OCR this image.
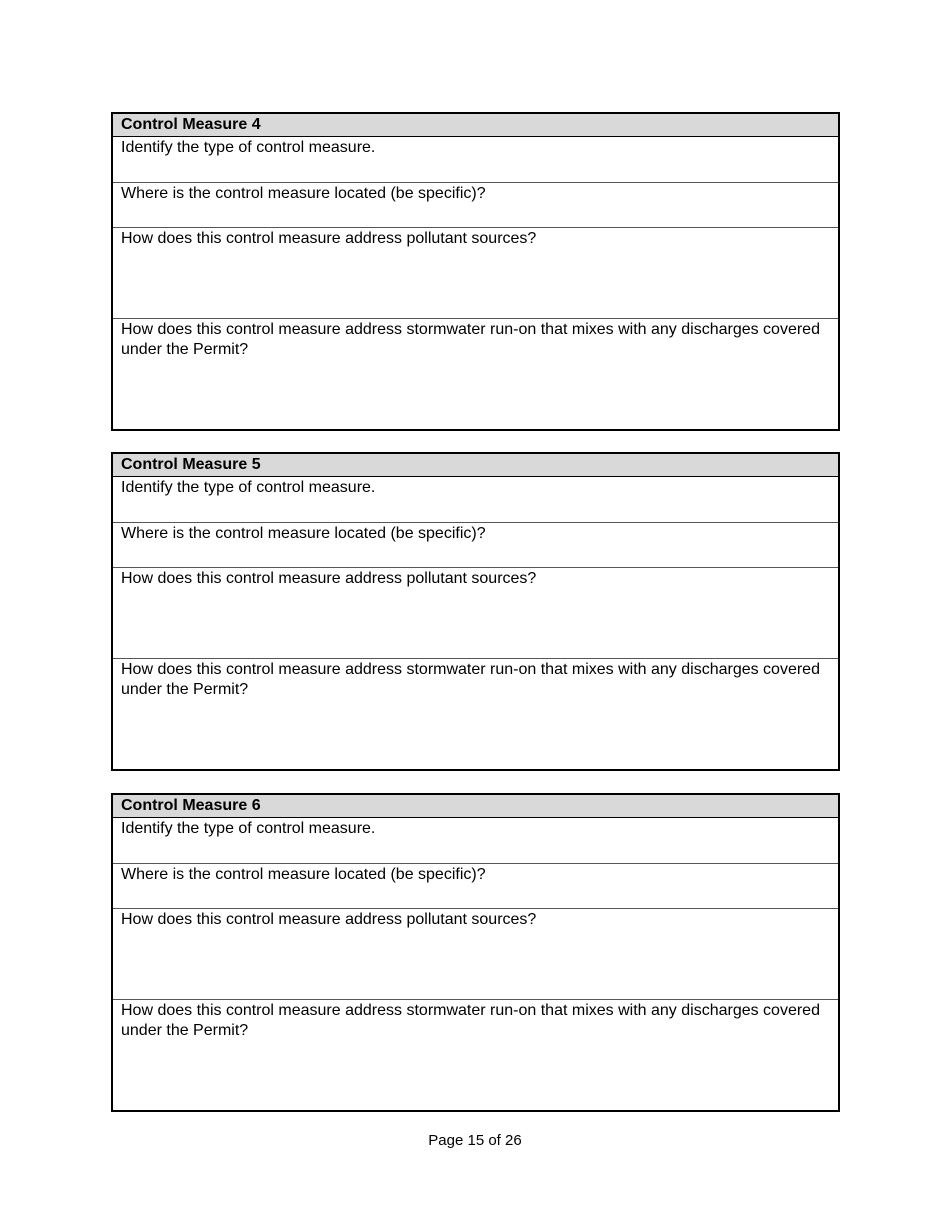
Control Measure 4
Identify the type of control measure.
Where is the control measure located (be specific)?
How does this control measure address pollutant sources?
How does this control measure address stormwater run-on that mixes with any discharges covered under the Permit?
Control Measure 5
Identify the type of control measure.
Where is the control measure located (be specific)?
How does this control measure address pollutant sources?
How does this control measure address stormwater run-on that mixes with any discharges covered under the Permit?
Control Measure 6
Identify the type of control measure.
Where is the control measure located (be specific)?
How does this control measure address pollutant sources?
How does this control measure address stormwater run-on that mixes with any discharges covered under the Permit?
Page 15 of 26
